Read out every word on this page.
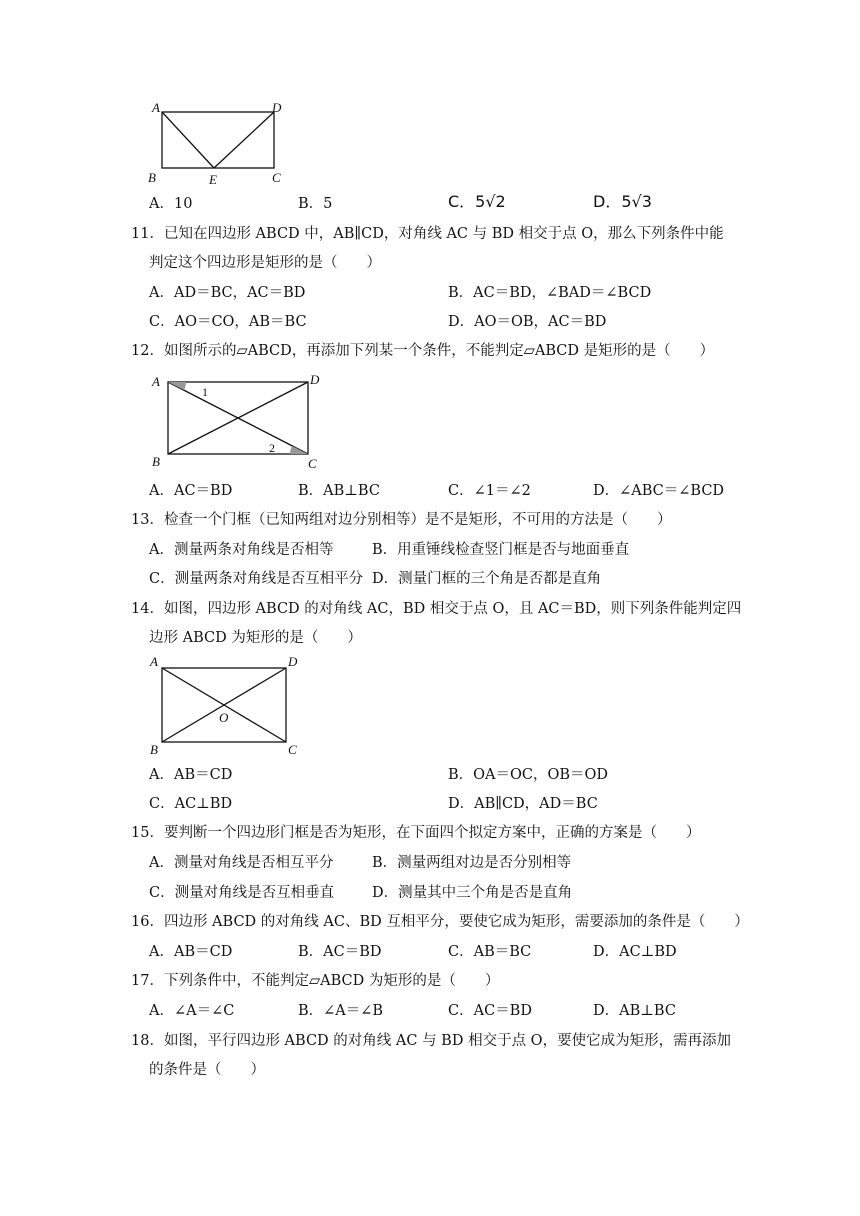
A	D
B	E	C
A．10	B．5	C．5√2	D．5√3
11．已知在四边形 ABCD 中，AB∥CD，对角线 AC 与 BD 相交于点 O，那么下列条件中能
判定这个四边形是矩形的是（　　）
A．AD＝BC，AC＝BD	B．AC＝BD，∠BAD＝∠BCD
C．AO＝CO，AB＝BC	D．AO＝OB，AC＝BD
12．如图所示的▱ABCD，再添加下列某一个条件，不能判定▱ABCD 是矩形的是（　　）
A	D
B	C
1
2
A．AC＝BD	B．AB⊥BC	C．∠1＝∠2	D．∠ABC＝∠BCD
13．检查一个门框（已知两组对边分别相等）是不是矩形，不可用的方法是（　　）
A．测量两条对角线是否相等	B．用重锤线检查竖门框是否与地面垂直
C．测量两条对角线是否互相平分 D．测量门框的三个角是否都是直角
14．如图，四边形 ABCD 的对角线 AC，BD 相交于点 O，且 AC＝BD，则下列条件能判定四
边形 ABCD 为矩形的是（　　）
A	D
B	C
O
A．AB＝CD	B．OA＝OC，OB＝OD
C．AC⊥BD	D．AB∥CD，AD＝BC
15．要判断一个四边形门框是否为矩形，在下面四个拟定方案中，正确的方案是（　　）
A．测量对角线是否相互平分	B．测量两组对边是否分别相等
C．测量对角线是否互相垂直	D．测量其中三个角是否是直角
16．四边形 ABCD 的对角线 AC、BD 互相平分，要使它成为矩形，需要添加的条件是（　　）
A．AB＝CD	B．AC＝BD	C．AB＝BC	D．AC⊥BD
17．下列条件中，不能判定▱ABCD 为矩形的是（　　）
A．∠A＝∠C	B．∠A＝∠B	C．AC＝BD	D．AB⊥BC
18．如图，平行四边形 ABCD 的对角线 AC 与 BD 相交于点 O，要使它成为矩形，需再添加
的条件是（　　）
